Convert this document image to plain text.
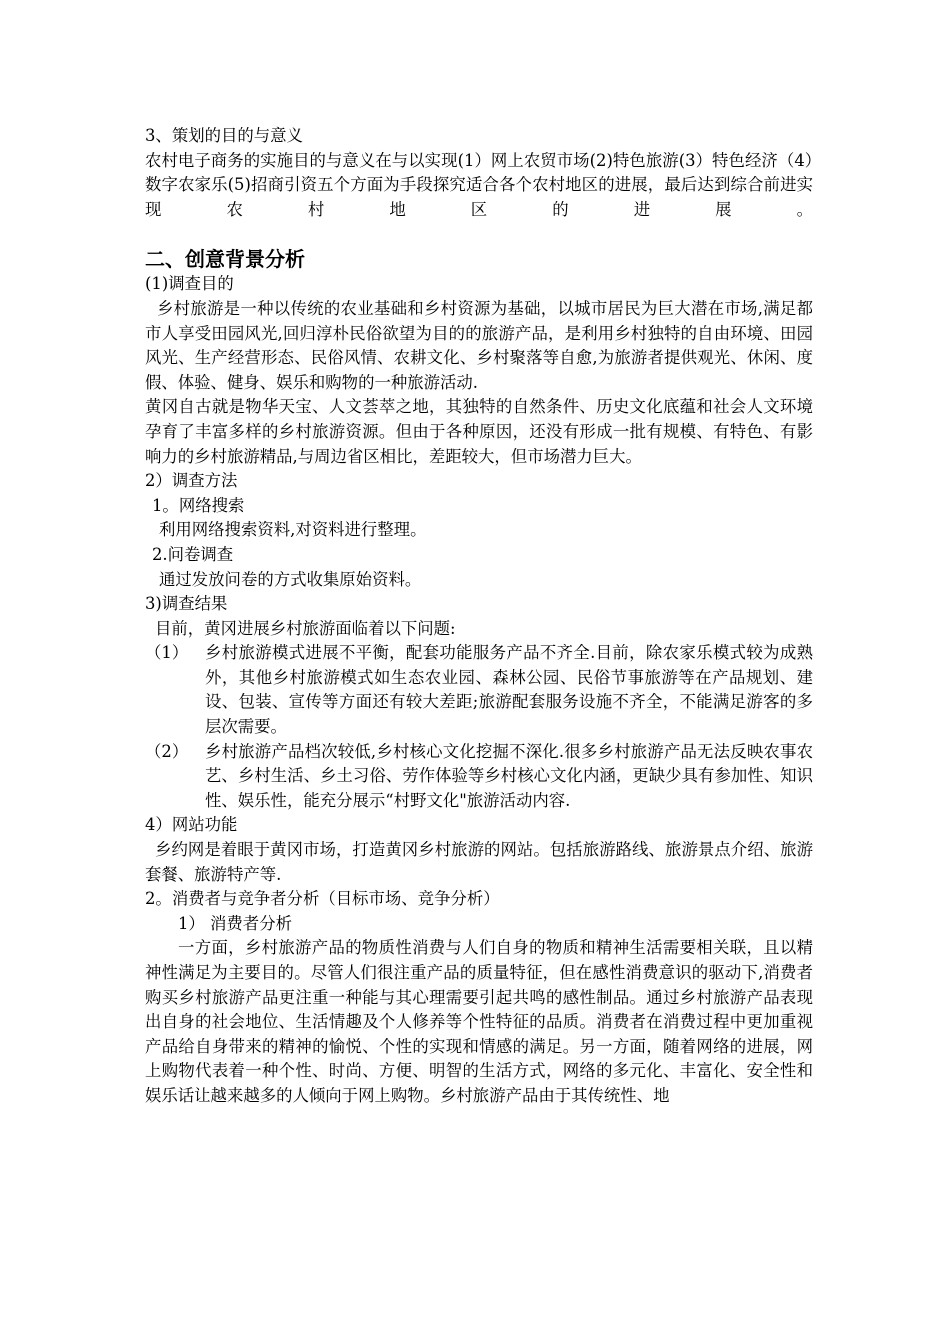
3、策划的目的与意义

农村电子商务的实施目的与意义在与以实现(1）网上农贸市场(2)特色旅游(3）特色经济（4）数字农家乐(5)招商引资五个方面为手段探究适合各个农村地区的进展，最后达到综合前进实现农村地区的进展。

二、创意背景分析

(1)调查目的

乡村旅游是一种以传统的农业基础和乡村资源为基础，以城市居民为巨大潜在市场,满足都市人享受田园风光,回归淳朴民俗欲望为目的的旅游产品，是利用乡村独特的自由环境、田园风光、生产经营形态、民俗风情、农耕文化、乡村聚落等自愈,为旅游者提供观光、休闲、度假、体验、健身、娱乐和购物的一种旅游活动.

黄冈自古就是物华天宝、人文荟萃之地，其独特的自然条件、历史文化底蕴和社会人文环境孕育了丰富多样的乡村旅游资源。但由于各种原因，还没有形成一批有规模、有特色、有影响力的乡村旅游精品,与周边省区相比，差距较大，但市场潜力巨大。

2）调查方法

1。网络搜索

利用网络搜索资料,对资料进行整理。

2.问卷调查

通过发放问卷的方式收集原始资料。

3)调查结果

目前，黄冈进展乡村旅游面临着以下问题:

（1）	乡村旅游模式进展不平衡，配套功能服务产品不齐全.目前，除农家乐模式较为成熟外，其他乡村旅游模式如生态农业园、森林公园、民俗节事旅游等在产品规划、建设、包装、宣传等方面还有较大差距;旅游配套服务设施不齐全，不能满足游客的多层次需要。
（2）	乡村旅游产品档次较低,乡村核心文化挖掘不深化.很多乡村旅游产品无法反映农事农艺、乡村生活、乡土习俗、劳作体验等乡村核心文化内涵，更缺少具有参加性、知识性、娱乐性，能充分展示“村野文化"旅游活动内容.

4）网站功能

乡约网是着眼于黄冈市场，打造黄冈乡村旅游的网站。包括旅游路线、旅游景点介绍、旅游套餐、旅游特产等.

2。消费者与竞争者分析（目标市场、竞争分析）

1） 消费者分析

一方面，乡村旅游产品的物质性消费与人们自身的物质和精神生活需要相关联，且以精神性满足为主要目的。尽管人们很注重产品的质量特征，但在感性消费意识的驱动下,消费者购买乡村旅游产品更注重一种能与其心理需要引起共鸣的感性制品。通过乡村旅游产品表现出自身的社会地位、生活情趣及个人修养等个性特征的品质。消费者在消费过程中更加重视产品给自身带来的精神的愉悦、个性的实现和情感的满足。另一方面，随着网络的进展，网上购物代表着一种个性、时尚、方便、明智的生活方式，网络的多元化、丰富化、安全性和娱乐话让越来越多的人倾向于网上购物。乡村旅游产品由于其传统性、地
